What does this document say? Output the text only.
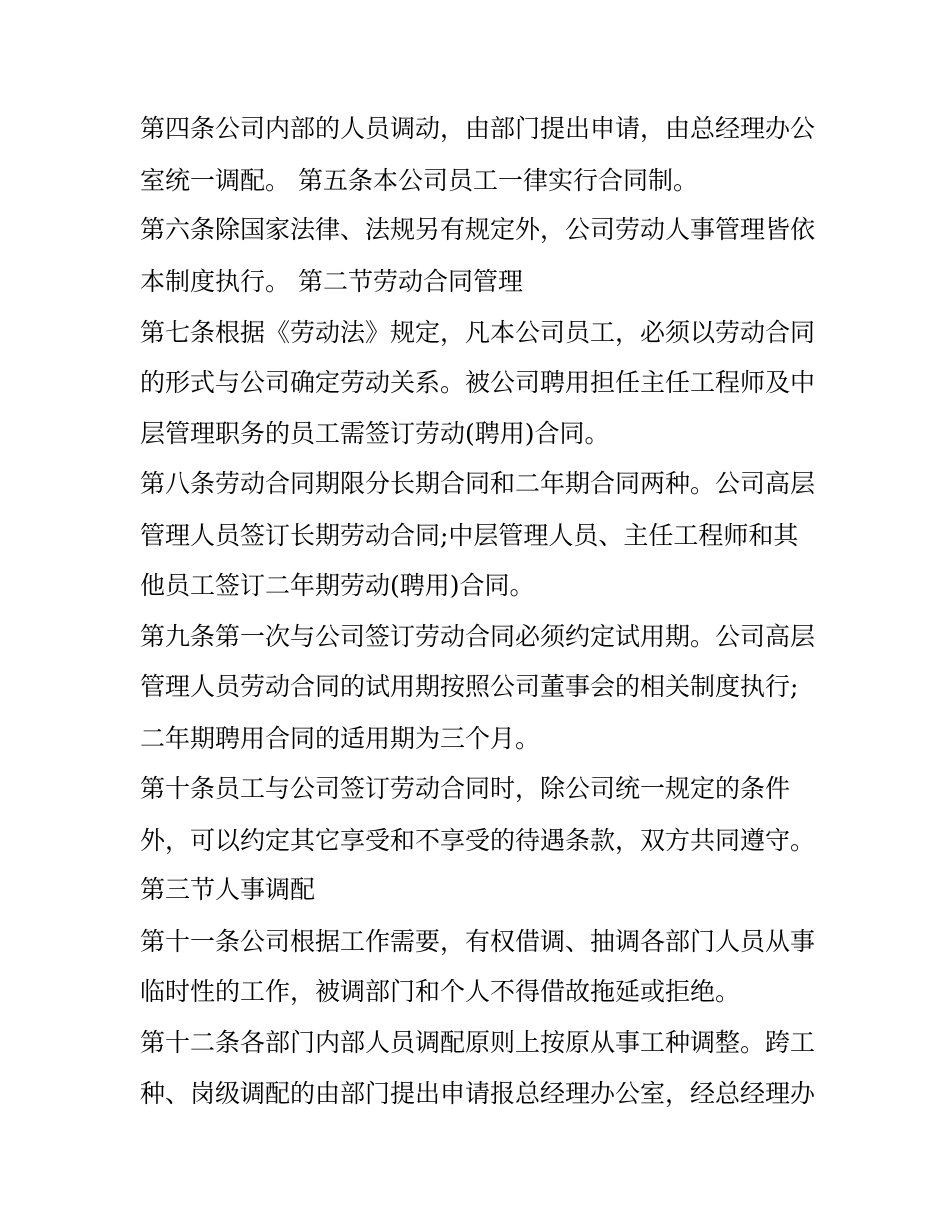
第四条公司内部的人员调动，由部门提出申请，由总经理办公
室统一调配。 第五条本公司员工一律实行合同制。
第六条除国家法律、法规另有规定外，公司劳动人事管理皆依
本制度执行。 第二节劳动合同管理
第七条根据《劳动法》规定，凡本公司员工，必须以劳动合同
的形式与公司确定劳动关系。被公司聘用担任主任工程师及中
层管理职务的员工需签订劳动(聘用)合同。
第八条劳动合同期限分长期合同和二年期合同两种。公司高层
管理人员签订长期劳动合同;中层管理人员、主任工程师和其
他员工签订二年期劳动(聘用)合同。
第九条第一次与公司签订劳动合同必须约定试用期。公司高层
管理人员劳动合同的试用期按照公司董事会的相关制度执行;
二年期聘用合同的适用期为三个月。
第十条员工与公司签订劳动合同时，除公司统一规定的条件
外，可以约定其它享受和不享受的待遇条款，双方共同遵守。
第三节人事调配
第十一条公司根据工作需要，有权借调、抽调各部门人员从事
临时性的工作，被调部门和个人不得借故拖延或拒绝。
第十二条各部门内部人员调配原则上按原从事工种调整。跨工
种、岗级调配的由部门提出申请报总经理办公室，经总经理办
